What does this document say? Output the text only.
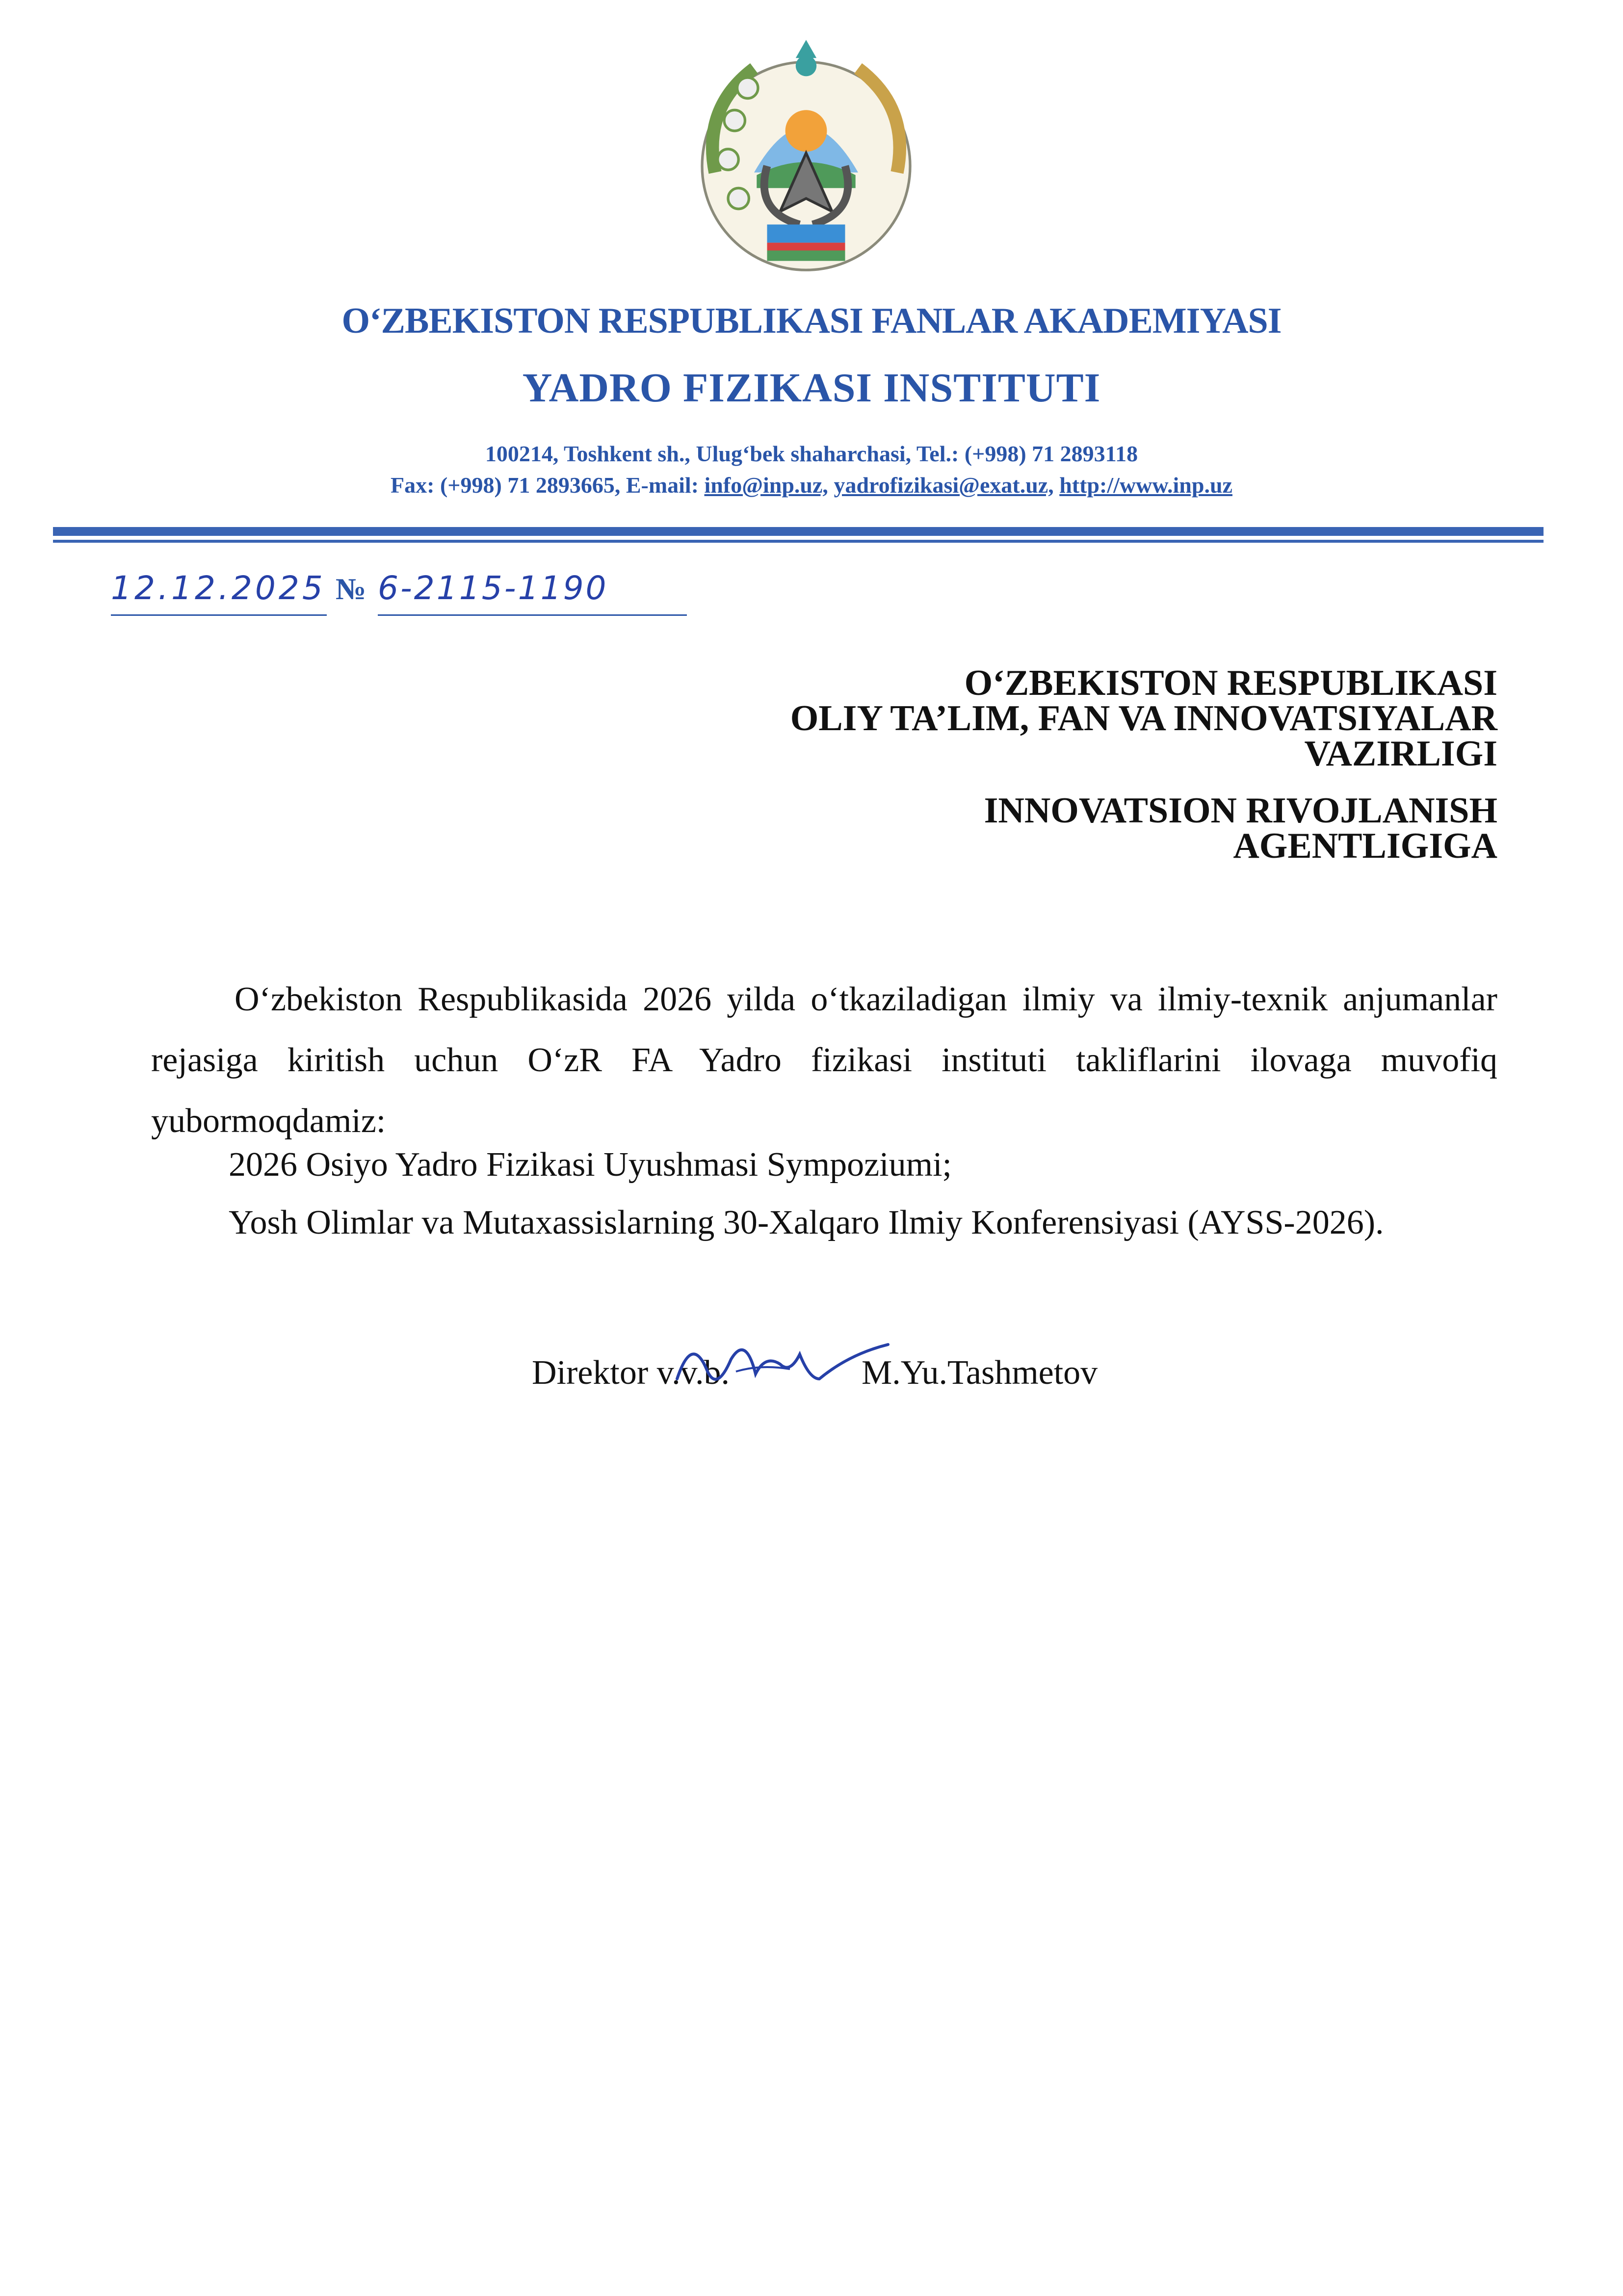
O‘ZBEKISTON RESPUBLIKASI FANLAR AKADEMIYASI
YADRO FIZIKASI INSTITUTI
100214, Toshkent sh., Ulug‘bek shaharchasi, Tel.: (+998) 71 2893118
Fax: (+998) 71 2893665, E-mail: info@inp.uz, yadrofizikasi@exat.uz, http://www.inp.uz
12.12.2025 № 6-2115-1190
O‘ZBEKISTON RESPUBLIKASI
OLIY TA’LIM, FAN VA INNOVATSIYALAR
VAZIRLIGI
INNOVATSION RIVOJLANISH
AGENTLIGIGA
O‘zbekiston Respublikasida 2026 yilda o‘tkaziladigan ilmiy va ilmiy-texnik anjumanlar rejasiga kiritish uchun O‘zR FA Yadro fizikasi instituti takliflarini ilovaga muvofiq yubormoqdamiz:
2026 Osiyo Yadro Fizikasi Uyushmasi Sympoziumi;
Yosh Olimlar va Mutaxassislarning 30-Xalqaro Ilmiy Konferensiyasi (AYSS-2026).
Direktor v.v.b.	M.Yu.Tashmetov
